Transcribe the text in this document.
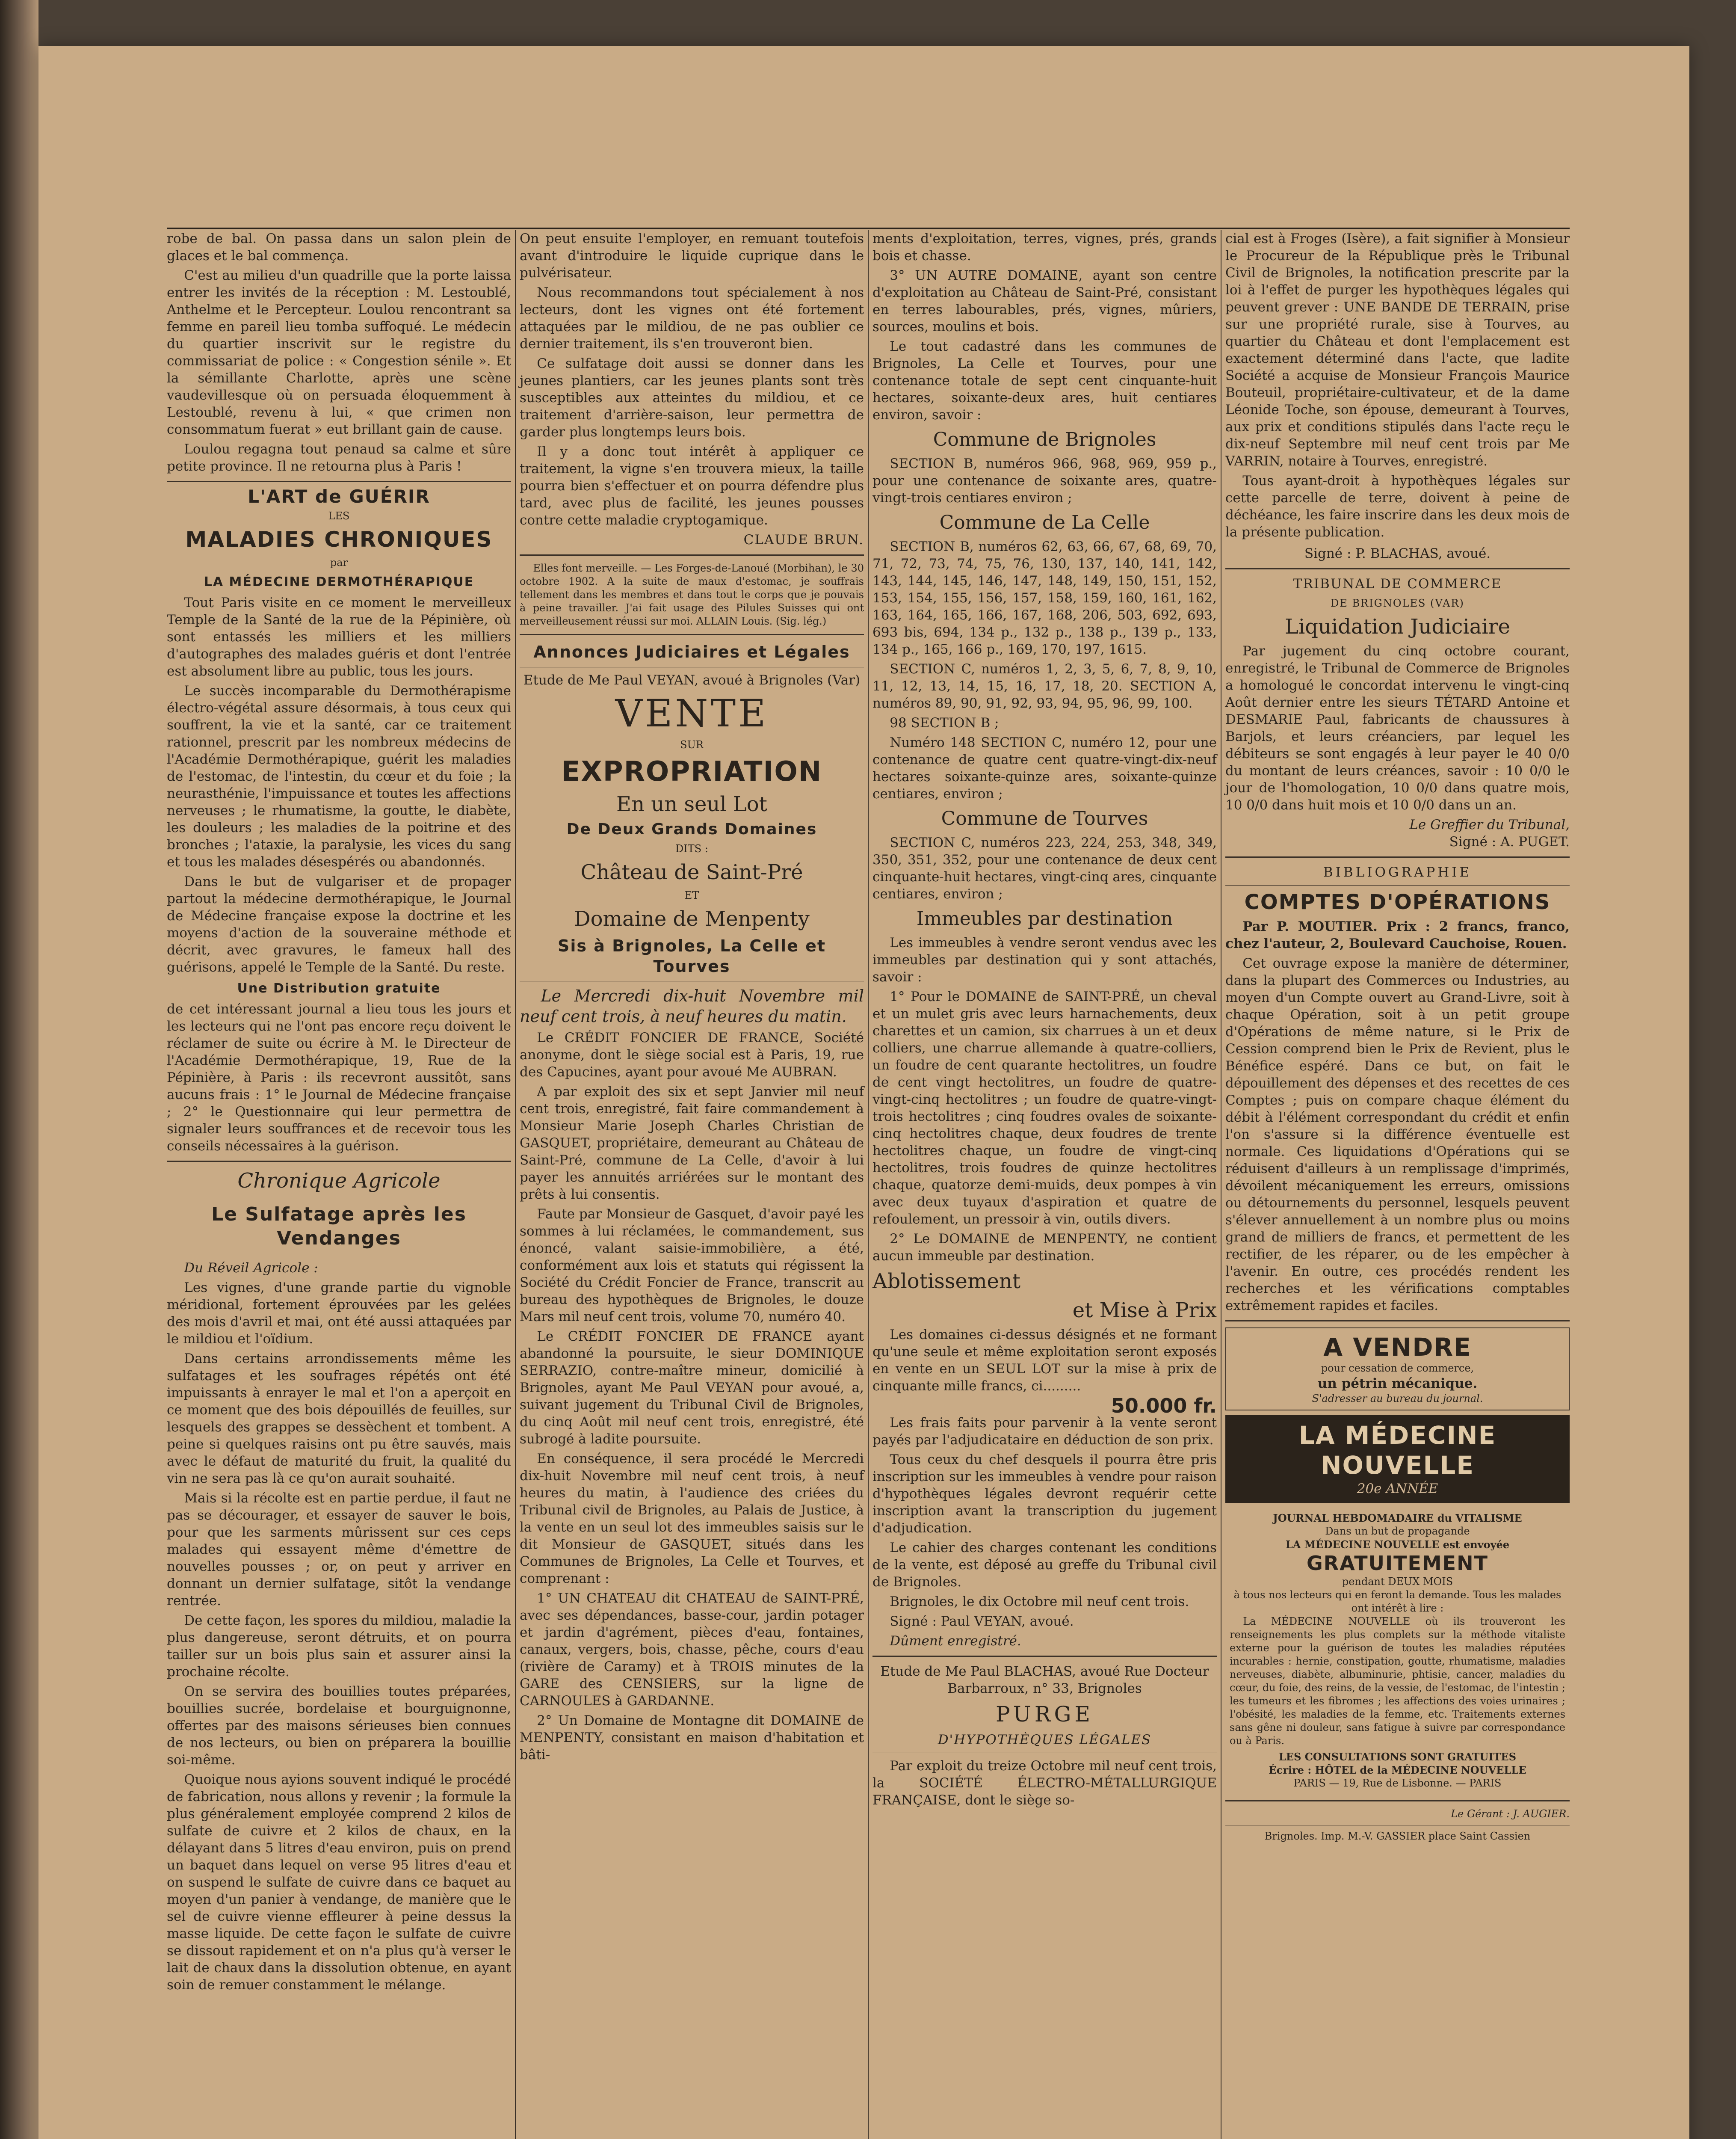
robe de bal. On passa dans un salon plein de glaces et le bal commença.

C'est au milieu d'un quadrille que la porte laissa entrer les invités de la réception : M. Lestoublé, Anthelme et le Percepteur. Loulou rencontrant sa femme en pareil lieu tomba suffoqué. Le médecin du quartier inscrivit sur le registre du commissariat de police : « Congestion sénile ». Et la sémillante Charlotte, après une scène vaudevillesque où on persuada éloquemment à Lestoublé, revenu à lui, « que crimen non consommatum fuerat » eut brillant gain de cause.

Loulou regagna tout penaud sa calme et sûre petite province. Il ne retourna plus à Paris !

L'ART de GUÉRIR
LES
MALADIES CHRONIQUES
par
LA MÉDECINE DERMOTHÉRAPIQUE

Tout Paris visite en ce moment le merveilleux Temple de la Santé de la rue de la Pépinière, où sont entassés les milliers et les milliers d'autographes des malades guéris et dont l'entrée est absolument libre au public, tous les jours.

Le succès incomparable du Dermothérapisme électro-végétal assure désormais, à tous ceux qui souffrent, la vie et la santé, car ce traitement rationnel, prescrit par les nombreux médecins de l'Académie Dermothérapique, guérit les maladies de l'estomac, de l'intestin, du cœur et du foie ; la neurasthénie, l'impuissance et toutes les affections nerveuses ; le rhumatisme, la goutte, le diabète, les douleurs ; les maladies de la poitrine et des bronches ; l'ataxie, la paralysie, les vices du sang et tous les malades désespérés ou abandonnés.

Dans le but de vulgariser et de propager partout la médecine dermothérapique, le Journal de Médecine française expose la doctrine et les moyens d'action de la souveraine méthode et décrit, avec gravures, le fameux hall des guérisons, appelé le Temple de la Santé. Du reste.

Une Distribution gratuite

de cet intéressant journal a lieu tous les jours et les lecteurs qui ne l'ont pas encore reçu doivent le réclamer de suite ou écrire à M. le Directeur de l'Académie Dermothérapique, 19, Rue de la Pépinière, à Paris : ils recevront aussitôt, sans aucuns frais : 1° le Journal de Médecine française ; 2° le Questionnaire qui leur permettra de signaler leurs souffrances et de recevoir tous les conseils nécessaires à la guérison.

Chronique Agricole
Le Sulfatage après les Vendanges

Du Réveil Agricole :

Les vignes, d'une grande partie du vignoble méridional, fortement éprouvées par les gelées des mois d'avril et mai, ont été aussi attaquées par le mildiou et l'oïdium.

Dans certains arrondissements même les sulfatages et les soufrages répétés ont été impuissants à enrayer le mal et l'on a aperçoit en ce moment que des bois dépouillés de feuilles, sur lesquels des grappes se dessèchent et tombent. A peine si quelques raisins ont pu être sauvés, mais avec le défaut de maturité du fruit, la qualité du vin ne sera pas là ce qu'on aurait souhaité.

Mais si la récolte est en partie perdue, il faut ne pas se décourager, et essayer de sauver le bois, pour que les sarments mûrissent sur ces ceps malades qui essayent même d'émettre de nouvelles pousses ; or, on peut y arriver en donnant un dernier sulfatage, sitôt la vendange rentrée.

De cette façon, les spores du mildiou, maladie la plus dangereuse, seront détruits, et on pourra tailler sur un bois plus sain et assurer ainsi la prochaine récolte.

On se servira des bouillies toutes préparées, bouillies sucrée, bordelaise et bourguignonne, offertes par des maisons sérieuses bien connues de nos lecteurs, ou bien on préparera la bouillie soi-même.

Quoique nous ayions souvent indiqué le procédé de fabrication, nous allons y revenir ; la formule la plus généralement employée comprend 2 kilos de sulfate de cuivre et 2 kilos de chaux, en la délayant dans 5 litres d'eau environ, puis on prend un baquet dans lequel on verse 95 litres d'eau et on suspend le sulfate de cuivre dans ce baquet au moyen d'un panier à vendange, de manière que le sel de cuivre vienne effleurer à peine dessus la masse liquide. De cette façon le sulfate de cuivre se dissout rapidement et on n'a plus qu'à verser le lait de chaux dans la dissolution obtenue, en ayant soin de remuer constamment le mélange.

On peut ensuite l'employer, en remuant toutefois avant d'introduire le liquide cuprique dans le pulvérisateur.

Nous recommandons tout spécialement à nos lecteurs, dont les vignes ont été fortement attaquées par le mildiou, de ne pas oublier ce dernier traitement, ils s'en trouveront bien.

Ce sulfatage doit aussi se donner dans les jeunes plantiers, car les jeunes plants sont très susceptibles aux atteintes du mildiou, et ce traitement d'arrière-saison, leur permettra de garder plus longtemps leurs bois.

Il y a donc tout intérêt à appliquer ce traitement, la vigne s'en trouvera mieux, la taille pourra bien s'effectuer et on pourra défendre plus tard, avec plus de facilité, les jeunes pousses contre cette maladie cryptogamique.

CLAUDE BRUN.

Elles font merveille. — Les Forges-de-Lanoué (Morbihan), le 30 octobre 1902. A la suite de maux d'estomac, je souffrais tellement dans les membres et dans tout le corps que je pouvais à peine travailler. J'ai fait usage des Pilules Suisses qui ont merveilleusement réussi sur moi. ALLAIN Louis. (Sig. lég.)

Annonces Judiciaires et Légales
Etude de Me Paul VEYAN, avoué à Brignoles (Var)
VENTE
SUR
EXPROPRIATION
En un seul Lot
De Deux Grands Domaines
DITS :
Château de Saint-Pré
ET
Domaine de Menpenty
Sis à Brignoles, La Celle et Tourves

Le Mercredi dix-huit Novembre mil neuf cent trois, à neuf heures du matin.

Le CRÉDIT FONCIER DE FRANCE, Société anonyme, dont le siège social est à Paris, 19, rue des Capucines, ayant pour avoué Me AUBRAN.

A par exploit des six et sept Janvier mil neuf cent trois, enregistré, fait faire commandement à Monsieur Marie Joseph Charles Christian de GASQUET, propriétaire, demeurant au Château de Saint-Pré, commune de La Celle, d'avoir à lui payer les annuités arriérées sur le montant des prêts à lui consentis.

Faute par Monsieur de Gasquet, d'avoir payé les sommes à lui réclamées, le commandement, sus énoncé, valant saisie-immobilière, a été, conformément aux lois et statuts qui régissent la Société du Crédit Foncier de France, transcrit au bureau des hypothèques de Brignoles, le douze Mars mil neuf cent trois, volume 70, numéro 40.

Le CRÉDIT FONCIER DE FRANCE ayant abandonné la poursuite, le sieur DOMINIQUE SERRAZIO, contre-maître mineur, domicilié à Brignoles, ayant Me Paul VEYAN pour avoué, a, suivant jugement du Tribunal Civil de Brignoles, du cinq Août mil neuf cent trois, enregistré, été subrogé à ladite poursuite.

En conséquence, il sera procédé le Mercredi dix-huit Novembre mil neuf cent trois, à neuf heures du matin, à l'audience des criées du Tribunal civil de Brignoles, au Palais de Justice, à la vente en un seul lot des immeubles saisis sur le dit Monsieur de GASQUET, situés dans les Communes de Brignoles, La Celle et Tourves, et comprenant :

1° UN CHATEAU dit CHATEAU de SAINT-PRÉ, avec ses dépendances, basse-cour, jardin potager et jardin d'agrément, pièces d'eau, fontaines, canaux, vergers, bois, chasse, pêche, cours d'eau (rivière de Caramy) et à TROIS minutes de la GARE des CENSIERS, sur la ligne de CARNOULES à GARDANNE.

2° Un Domaine de Montagne dit DOMAINE de MENPENTY, consistant en maison d'habitation et bâti-

ments d'exploitation, terres, vignes, prés, grands bois et chasse.

3° UN AUTRE DOMAINE, ayant son centre d'exploitation au Château de Saint-Pré, consistant en terres labourables, prés, vignes, mûriers, sources, moulins et bois.

Le tout cadastré dans les communes de Brignoles, La Celle et Tourves, pour une contenance totale de sept cent cinquante-huit hectares, soixante-deux ares, huit centiares environ, savoir :

Commune de Brignoles

SECTION B, numéros 966, 968, 969, 959 p., pour une contenance de soixante ares, quatre-vingt-trois centiares environ ;

Commune de La Celle

SECTION B, numéros 62, 63, 66, 67, 68, 69, 70, 71, 72, 73, 74, 75, 76, 130, 137, 140, 141, 142, 143, 144, 145, 146, 147, 148, 149, 150, 151, 152, 153, 154, 155, 156, 157, 158, 159, 160, 161, 162, 163, 164, 165, 166, 167, 168, 206, 503, 692, 693, 693 bis, 694, 134 p., 132 p., 138 p., 139 p., 133, 134 p., 165, 166 p., 169, 170, 197, 1615.

SECTION C, numéros 1, 2, 3, 5, 6, 7, 8, 9, 10, 11, 12, 13, 14, 15, 16, 17, 18, 20. SECTION A, numéros 89, 90, 91, 92, 93, 94, 95, 96, 99, 100.

98 SECTION B ;

Numéro 148 SECTION C, numéro 12, pour une contenance de quatre cent quatre-vingt-dix-neuf hectares soixante-quinze ares, soixante-quinze centiares, environ ;

Commune de Tourves

SECTION C, numéros 223, 224, 253, 348, 349, 350, 351, 352, pour une contenance de deux cent cinquante-huit hectares, vingt-cinq ares, cinquante centiares, environ ;

Immeubles par destination

Les immeubles à vendre seront vendus avec les immeubles par destination qui y sont attachés, savoir :

1° Pour le DOMAINE de SAINT-PRÉ, un cheval et un mulet gris avec leurs harnachements, deux charettes et un camion, six charrues à un et deux colliers, une charrue allemande à quatre-colliers, un foudre de cent quarante hectolitres, un foudre de cent vingt hectolitres, un foudre de quatre-vingt-cinq hectolitres ; un foudre de quatre-vingt-trois hectolitres ; cinq foudres ovales de soixante-cinq hectolitres chaque, deux foudres de trente hectolitres chaque, un foudre de vingt-cinq hectolitres, trois foudres de quinze hectolitres chaque, quatorze demi-muids, deux pompes à vin avec deux tuyaux d'aspiration et quatre de refoulement, un pressoir à vin, outils divers.

2° Le DOMAINE de MENPENTY, ne contient aucun immeuble par destination.

Ablotissement
et Mise à Prix

Les domaines ci-dessus désignés et ne formant qu'une seule et même exploitation seront exposés en vente en un SEUL LOT sur la mise à prix de cinquante mille francs, ci.........

50.000 fr.

Les frais faits pour parvenir à la vente seront payés par l'adjudicataire en déduction de son prix.

Tous ceux du chef desquels il pourra être pris inscription sur les immeubles à vendre pour raison d'hypothèques légales devront requérir cette inscription avant la transcription du jugement d'adjudication.

Le cahier des charges contenant les conditions de la vente, est déposé au greffe du Tribunal civil de Brignoles.

Brignoles, le dix Octobre mil neuf cent trois.

Signé : Paul VEYAN, avoué.

Dûment enregistré.

Etude de Me Paul BLACHAS, avoué Rue Docteur Barbarroux, n° 33, Brignoles
PURGE
D'HYPOTHÈQUES LÉGALES

Par exploit du treize Octobre mil neuf cent trois, la SOCIÉTÉ ÉLECTRO-MÉTALLURGIQUE FRANÇAISE, dont le siège so-

cial est à Froges (Isère), a fait signifier à Monsieur le Procureur de la République près le Tribunal Civil de Brignoles, la notification prescrite par la loi à l'effet de purger les hypothèques légales qui peuvent grever : UNE BANDE DE TERRAIN, prise sur une propriété rurale, sise à Tourves, au quartier du Château et dont l'emplacement est exactement déterminé dans l'acte, que ladite Société a acquise de Monsieur François Maurice Bouteuil, propriétaire-cultivateur, et de la dame Léonide Toche, son épouse, demeurant à Tourves, aux prix et conditions stipulés dans l'acte reçu le dix-neuf Septembre mil neuf cent trois par Me VARRIN, notaire à Tourves, enregistré.

Tous ayant-droit à hypothèques légales sur cette parcelle de terre, doivent à peine de déchéance, les faire inscrire dans les deux mois de la présente publication.

Signé : P. BLACHAS, avoué.
TRIBUNAL DE COMMERCE
DE BRIGNOLES (VAR)
Liquidation Judiciaire

Par jugement du cinq octobre courant, enregistré, le Tribunal de Commerce de Brignoles a homologué le concordat intervenu le vingt-cinq Août dernier entre les sieurs TÉTARD Antoine et DESMARIE Paul, fabricants de chaussures à Barjols, et leurs créanciers, par lequel les débiteurs se sont engagés à leur payer le 40 0/0 du montant de leurs créances, savoir : 10 0/0 le jour de l'homologation, 10 0/0 dans quatre mois, 10 0/0 dans huit mois et 10 0/0 dans un an.

Le Greffier du Tribunal,
Signé : A. PUGET.
BIBLIOGRAPHIE
COMPTES D'OPÉRATIONS

Par P. MOUTIER. Prix : 2 francs, franco, chez l'auteur, 2, Boulevard Cauchoise, Rouen.

Cet ouvrage expose la manière de déterminer, dans la plupart des Commerces ou Industries, au moyen d'un Compte ouvert au Grand-Livre, soit à chaque Opération, soit à un petit groupe d'Opérations de même nature, si le Prix de Cession comprend bien le Prix de Revient, plus le Bénéfice espéré. Dans ce but, on fait le dépouillement des dépenses et des recettes de ces Comptes ; puis on compare chaque élément du débit à l'élément correspondant du crédit et enfin l'on s'assure si la différence éventuelle est normale. Ces liquidations d'Opérations qui se réduisent d'ailleurs à un remplissage d'imprimés, dévoilent mécaniquement les erreurs, omissions ou détournements du personnel, lesquels peuvent s'élever annuellement à un nombre plus ou moins grand de milliers de francs, et permettent de les rectifier, de les réparer, ou de les empêcher à l'avenir. En outre, ces procédés rendent les recherches et les vérifications comptables extrêmement rapides et faciles.

A VENDRE
pour cessation de commerce,
un pétrin mécanique.
S'adresser au bureau du journal.
LA MÉDECINE NOUVELLE
20e ANNÉE
JOURNAL HEBDOMADAIRE du VITALISME
Dans un but de propagande
LA MÉDECINE NOUVELLE est envoyée
GRATUITEMENT
pendant DEUX MOIS
à tous nos lecteurs qui en feront la demande. Tous les malades ont intérêt à lire :

La MÉDECINE NOUVELLE où ils trouveront les renseignements les plus complets sur la méthode vitaliste externe pour la guérison de toutes les maladies réputées incurables : hernie, constipation, goutte, rhumatisme, maladies nerveuses, diabète, albuminurie, phtisie, cancer, maladies du cœur, du foie, des reins, de la vessie, de l'estomac, de l'intestin ; les tumeurs et les fibromes ; les affections des voies urinaires ; l'obésité, les maladies de la femme, etc. Traitements externes sans gêne ni douleur, sans fatigue à suivre par correspondance ou à Paris.

LES CONSULTATIONS SONT GRATUITES
Écrire : HÔTEL de la MÉDECINE NOUVELLE
PARIS — 19, Rue de Lisbonne. — PARIS
Le Gérant : J. AUGIER.
Brignoles. Imp. M.-V. GASSIER place Saint Cassien
